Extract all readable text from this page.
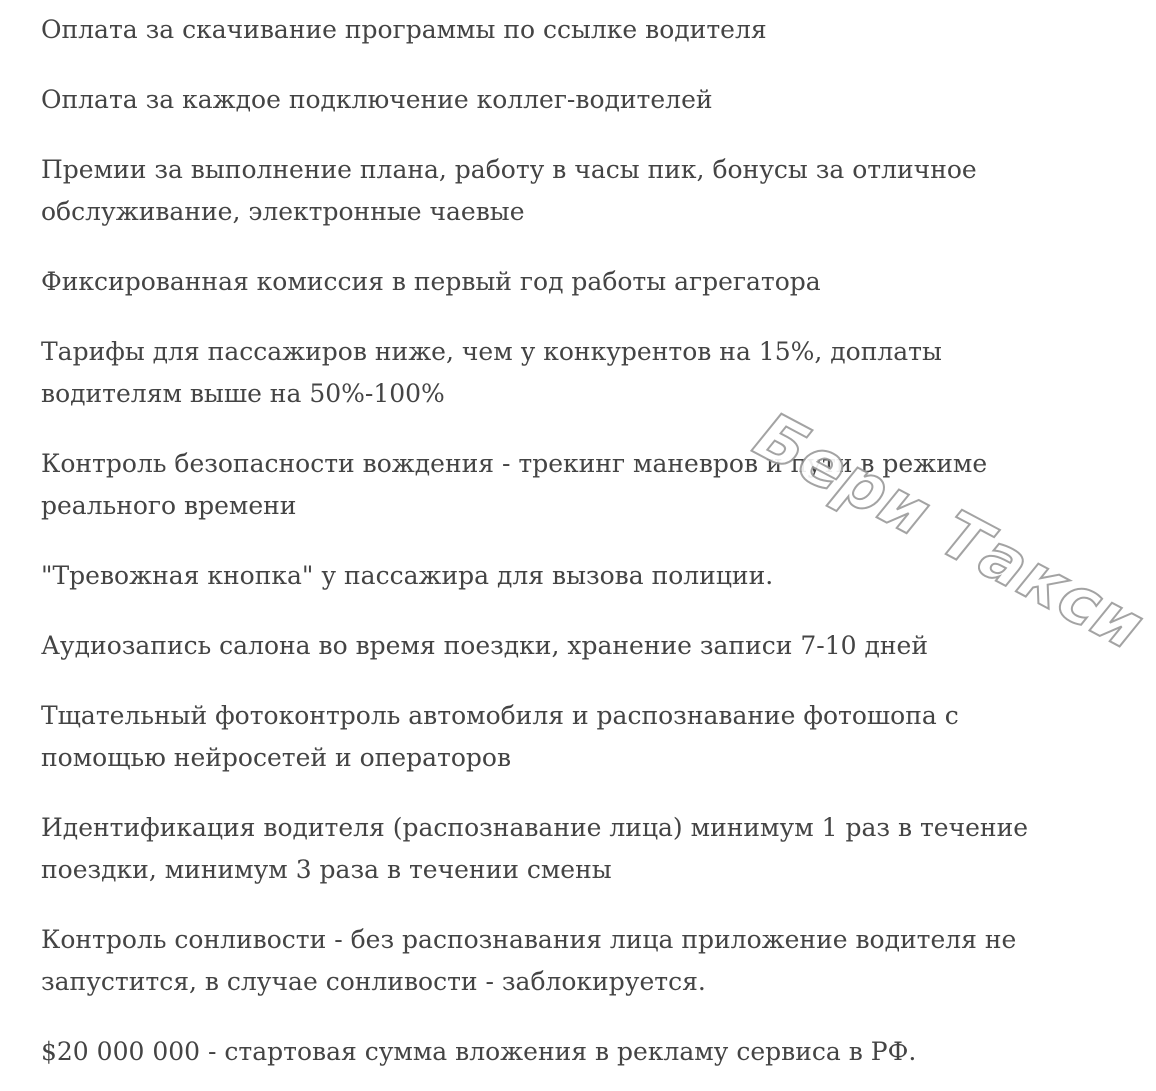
Оплата за скачивание программы по ссылке водителя

Оплата за каждое подключение коллег-водителей

Премии за выполнение плана, работу в часы пик, бонусы за отличное обслуживание, электронные чаевые

Фиксированная комиссия в первый год работы агрегатора

Тарифы для пассажиров ниже, чем у конкурентов на 15%, доплаты водителям выше на 50%-100%

Контроль безопасности вождения - трекинг маневров и пути в режиме реального времени

"Тревожная кнопка" у пассажира для вызова полиции.

Аудиозапись салона во время поездки, хранение записи 7-10 дней

Тщательный фотоконтроль автомобиля и распознавание фотошопа с помощью нейросетей и операторов

Идентификация водителя (распознавание лица) минимум 1 раз в течение поездки, минимум 3 раза в течении смены

Контроль сонливости - без распознавания лица приложение водителя не запустится, в случае сонливости - заблокируется.

$20 000 000 - стартовая сумма вложения в рекламу сервиса в РФ.

Бери Такси
